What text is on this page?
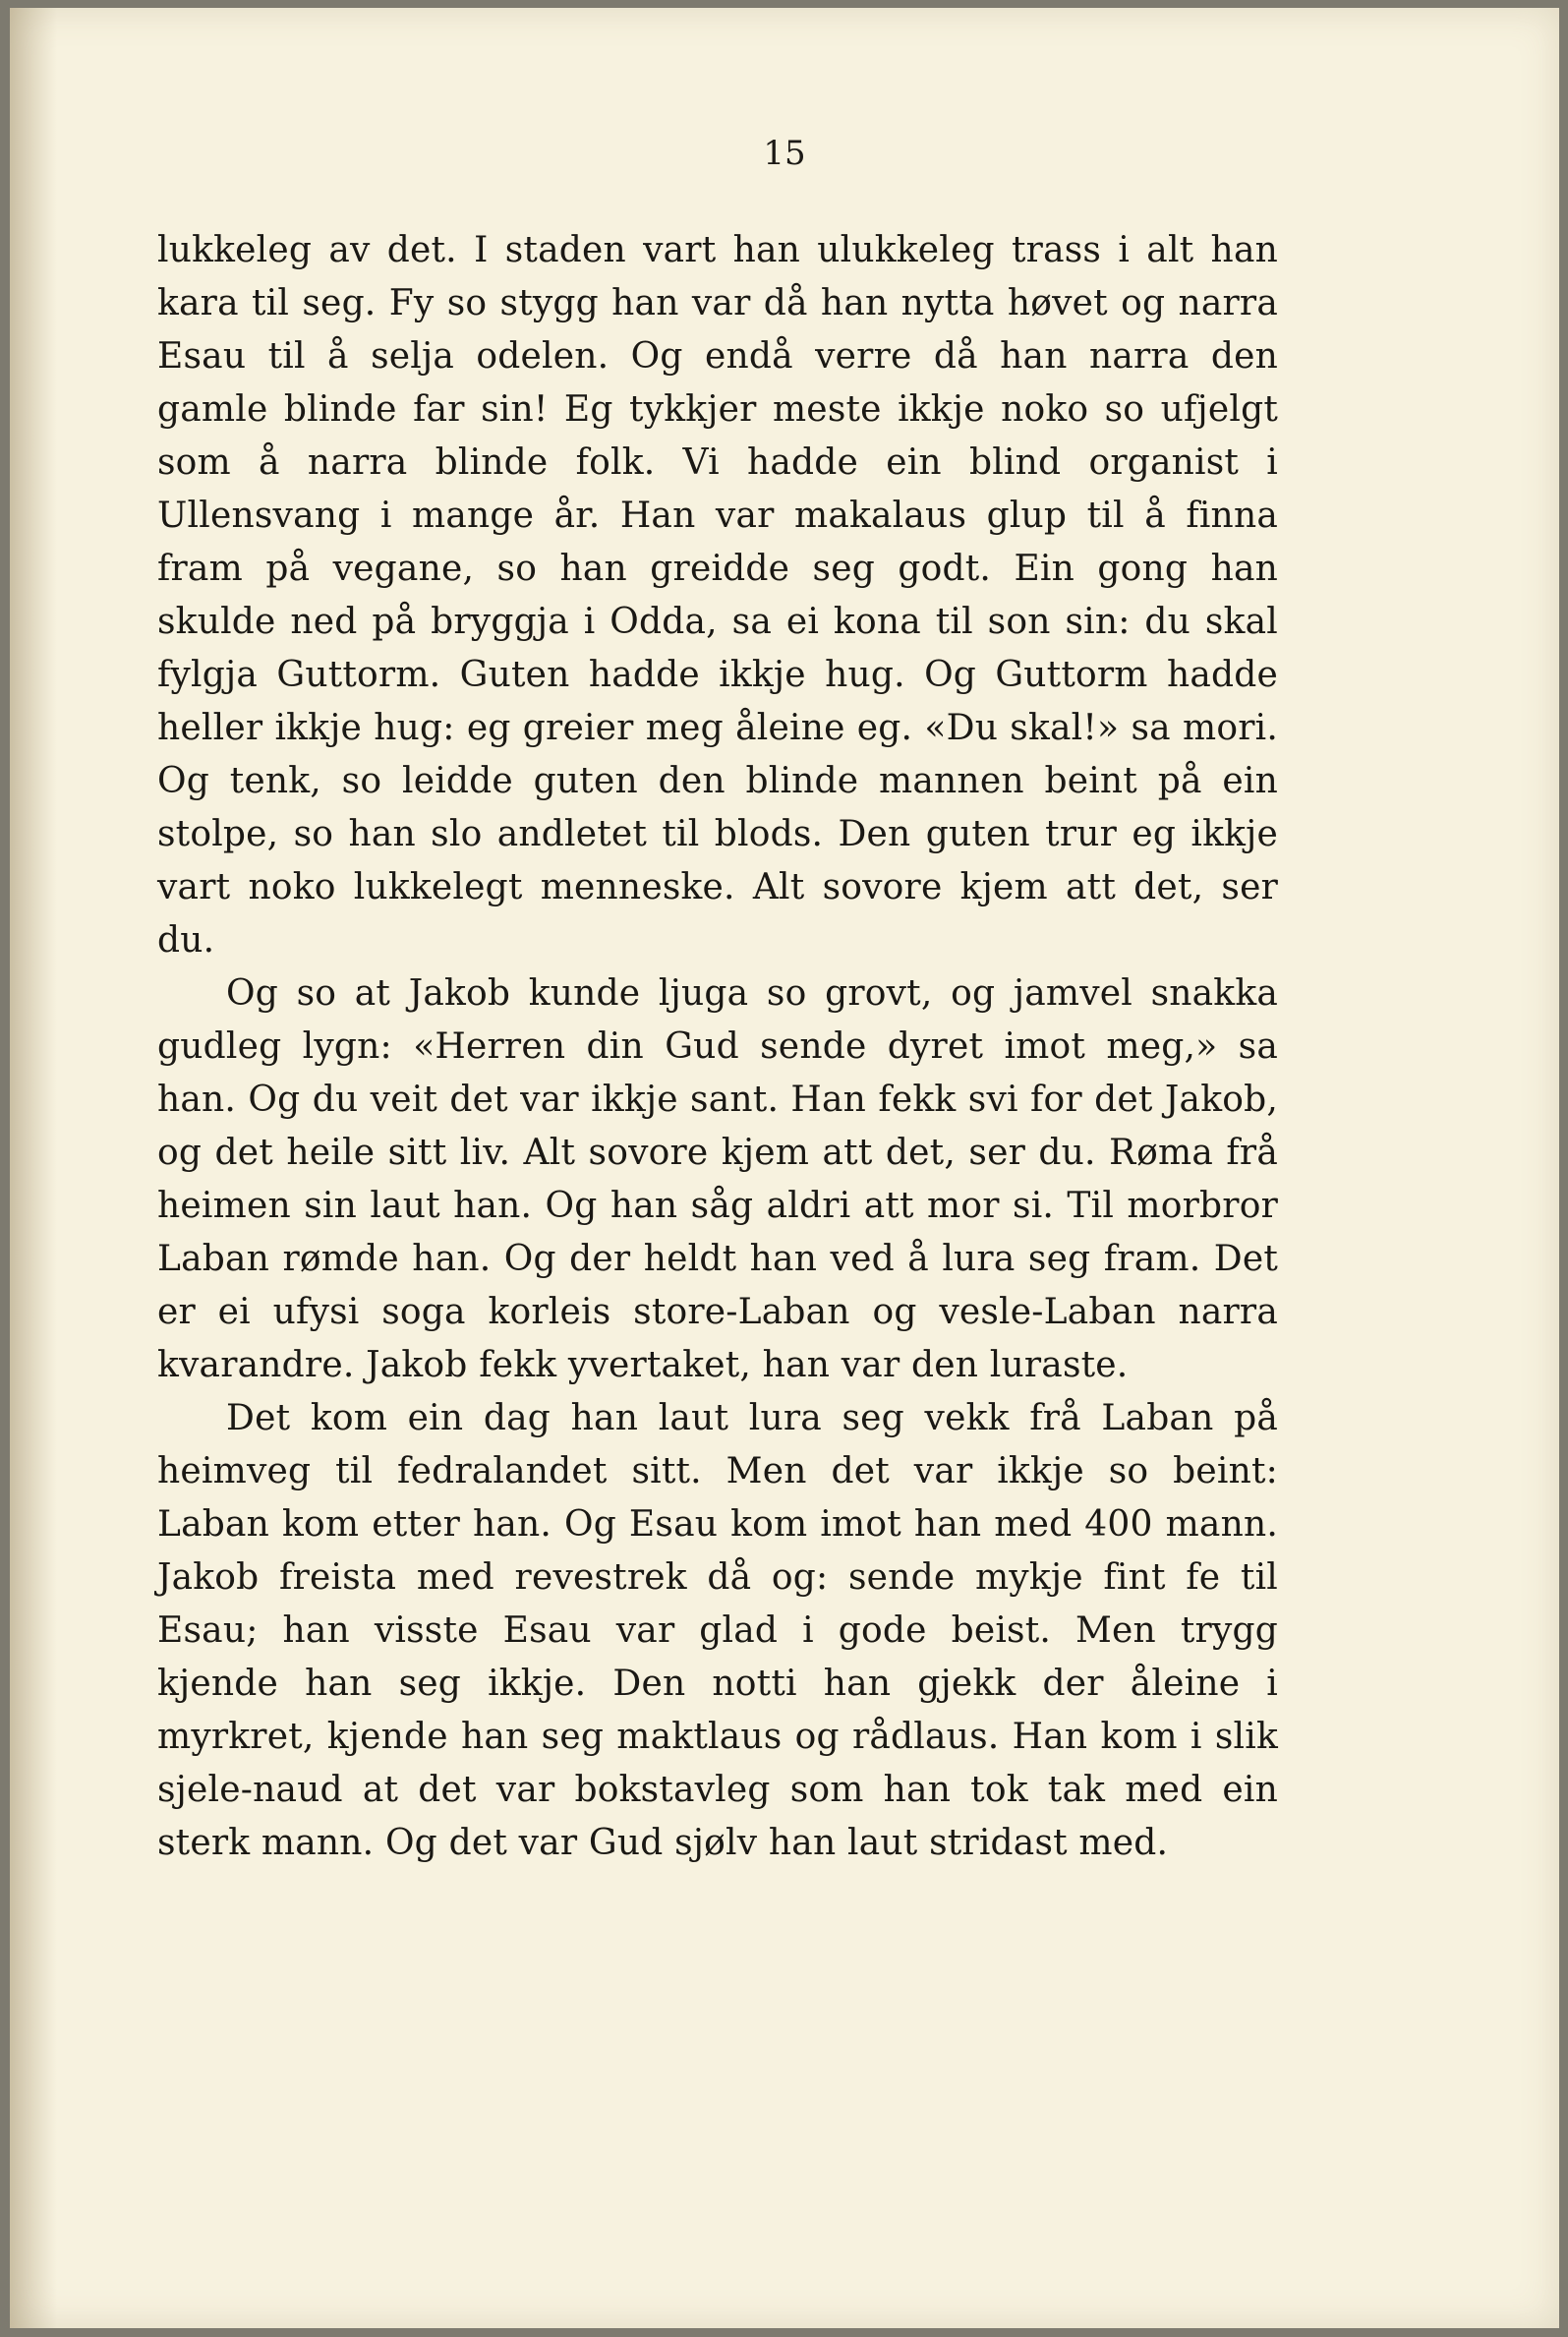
15

lukkeleg av det. I staden vart han ulukkeleg trass i alt han kara til seg. Fy so stygg han var då han nytta høvet og narra Esau til å selja odelen. Og endå verre då han narra den gamle blinde far sin! Eg tykkjer meste ikkje noko so ufjelgt som å narra blinde folk. Vi hadde ein blind organist i Ullensvang i mange år. Han var makalaus glup til å finna fram på vegane, so han greidde seg godt. Ein gong han skulde ned på bryggja i Odda, sa ei kona til son sin: du skal fylgja Guttorm. Guten hadde ikkje hug. Og Guttorm hadde heller ikkje hug: eg greier meg åleine eg. «Du skal!» sa mori. Og tenk, so leidde guten den blinde mannen beint på ein stolpe, so han slo andletet til blods. Den guten trur eg ikkje vart noko lukkelegt menneske. Alt sovore kjem att det, ser du.

Og so at Jakob kunde ljuga so grovt, og jamvel snakka gudleg lygn: «Herren din Gud sende dyret imot meg,» sa han. Og du veit det var ikkje sant. Han fekk svi for det Jakob, og det heile sitt liv. Alt sovore kjem att det, ser du. Røma frå heimen sin laut han. Og han såg aldri att mor si. Til morbror Laban rømde han. Og der heldt han ved å lura seg fram. Det er ei ufysi soga korleis store-Laban og vesle-Laban narra kvarandre. Jakob fekk yvertaket, han var den luraste.

Det kom ein dag han laut lura seg vekk frå Laban på heimveg til fedralandet sitt. Men det var ikkje so beint: Laban kom etter han. Og Esau kom imot han med 400 mann. Jakob freista med revestrek då og: sende mykje fint fe til Esau; han visste Esau var glad i gode beist. Men trygg kjende han seg ikkje. Den notti han gjekk der åleine i myrkret, kjende han seg maktlaus og rådlaus. Han kom i slik sjele-naud at det var bokstavleg som han tok tak med ein sterk mann. Og det var Gud sjølv han laut stridast med.
